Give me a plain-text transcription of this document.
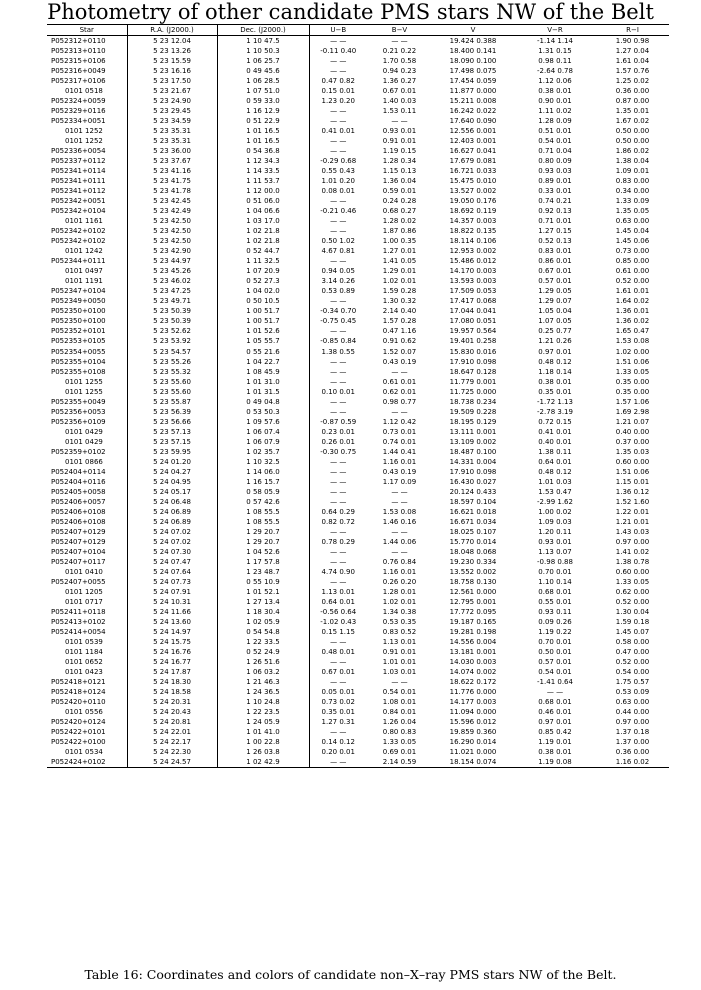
Photometry of other candidate PMS stars NW of the Belt
Star	R.A. (J2000.)	Dec. (J2000.)	U−B	B−V	V	V−R	R−I
P052312+0110	5 23 12.04	1 10 47.5	— —	— —	19.424 0.388	-1.14 1.14	1.90 0.98
P052313+0110	5 23 13.26	1 10 50.3	-0.11 0.40	0.21 0.22	18.400 0.141	1.31 0.15	1.27 0.04
P052315+0106	5 23 15.59	1 06 25.7	— —	1.70 0.58	18.090 0.100	0.98 0.11	1.61 0.04
P052316+0049	5 23 16.16	0 49 45.6	— —	0.94 0.23	17.498 0.075	-2.64 0.78	1.57 0.76
P052317+0106	5 23 17.50	1 06 28.5	0.47 0.82	1.36 0.27	17.454 0.059	1.12 0.06	1.25 0.02
0101 0518	5 23 21.67	1 07 51.0	0.15 0.01	0.67 0.01	11.877 0.000	0.38 0.01	0.36 0.00
P052324+0059	5 23 24.90	0 59 33.0	1.23 0.20	1.40 0.03	15.211 0.008	0.90 0.01	0.87 0.00
P052329+0116	5 23 29.45	1 16 12.9	— —	1.53 0.11	16.242 0.022	1.11 0.02	1.35 0.01
P052334+0051	5 23 34.59	0 51 22.9	— —	— —	17.640 0.090	1.28 0.09	1.67 0.02
0101 1252	5 23 35.31	1 01 16.5	0.41 0.01	0.93 0.01	12.556 0.001	0.51 0.01	0.50 0.00
0101 1252	5 23 35.31	1 01 16.5	— —	0.91 0.01	12.403 0.001	0.54 0.01	0.50 0.00
P052336+0054	5 23 36.00	0 54 36.8	— —	1.19 0.15	16.627 0.041	0.71 0.04	1.86 0.02
P052337+0112	5 23 37.67	1 12 34.3	-0.29 0.68	1.28 0.34	17.679 0.081	0.80 0.09	1.38 0.04
P052341+0114	5 23 41.16	1 14 33.5	0.55 0.43	1.15 0.13	16.721 0.033	0.93 0.03	1.09 0.01
P052341+0111	5 23 41.75	1 11 53.7	1.01 0.20	1.36 0.04	15.475 0.010	0.89 0.01	0.83 0.00
P052341+0112	5 23 41.78	1 12 00.0	0.08 0.01	0.59 0.01	13.527 0.002	0.33 0.01	0.34 0.00
P052342+0051	5 23 42.45	0 51 06.0	— —	0.24 0.28	19.050 0.176	0.74 0.21	1.33 0.09
P052342+0104	5 23 42.49	1 04 06.6	-0.21 0.46	0.68 0.27	18.692 0.119	0.92 0.13	1.35 0.05
0101 1161	5 23 42.50	1 03 17.0	— —	1.28 0.02	14.357 0.003	0.71 0.01	0.63 0.00
P052342+0102	5 23 42.50	1 02 21.8	— —	1.87 0.86	18.822 0.135	1.27 0.15	1.45 0.04
P052342+0102	5 23 42.50	1 02 21.8	0.50 1.02	1.00 0.35	18.114 0.106	0.52 0.13	1.45 0.06
0101 1242	5 23 42.90	0 52 44.7	4.67 0.81	1.27 0.01	12.953 0.002	0.83 0.01	0.73 0.00
P052344+0111	5 23 44.97	1 11 32.5	— —	1.41 0.05	15.486 0.012	0.86 0.01	0.85 0.00
0101 0497	5 23 45.26	1 07 20.9	0.94 0.05	1.29 0.01	14.170 0.003	0.67 0.01	0.61 0.00
0101 1191	5 23 46.02	0 52 27.3	3.14 0.26	1.02 0.01	13.593 0.003	0.57 0.01	0.52 0.00
P052347+0104	5 23 47.25	1 04 02.0	0.53 0.89	1.59 0.28	17.509 0.053	1.29 0.05	1.61 0.01
P052349+0050	5 23 49.71	0 50 10.5	— —	1.30 0.32	17.417 0.068	1.29 0.07	1.64 0.02
P052350+0100	5 23 50.39	1 00 51.7	-0.34 0.70	2.14 0.40	17.044 0.041	1.05 0.04	1.36 0.01
P052350+0100	5 23 50.39	1 00 51.7	-0.75 0.45	1.57 0.28	17.080 0.051	1.07 0.05	1.36 0.02
P052352+0101	5 23 52.62	1 01 52.6	— —	0.47 1.16	19.957 0.564	0.25 0.77	1.65 0.47
P052353+0105	5 23 53.92	1 05 55.7	-0.85 0.84	0.91 0.62	19.401 0.258	1.21 0.26	1.53 0.08
P052354+0055	5 23 54.57	0 55 21.6	1.38 0.55	1.52 0.07	15.830 0.016	0.97 0.01	1.02 0.00
P052355+0104	5 23 55.26	1 04 22.7	— —	0.43 0.19	17.910 0.098	0.48 0.12	1.51 0.06
P052355+0108	5 23 55.32	1 08 45.9	— —	— —	18.647 0.128	1.18 0.14	1.33 0.05
0101 1255	5 23 55.60	1 01 31.0	— —	0.61 0.01	11.779 0.001	0.38 0.01	0.35 0.00
0101 1255	5 23 55.60	1 01 31.5	0.10 0.01	0.62 0.01	11.725 0.000	0.35 0.01	0.35 0.00
P052355+0049	5 23 55.87	0 49 04.8	— —	0.98 0.77	18.738 0.234	-1.72 1.13	1.57 1.06
P052356+0053	5 23 56.39	0 53 50.3	— —	— —	19.509 0.228	-2.78 3.19	1.69 2.98
P052356+0109	5 23 56.66	1 09 57.6	-0.87 0.59	1.12 0.42	18.195 0.129	0.72 0.15	1.21 0.07
0101 0429	5 23 57.13	1 06 07.4	0.23 0.01	0.73 0.01	13.111 0.001	0.41 0.01	0.40 0.00
0101 0429	5 23 57.15	1 06 07.9	0.26 0.01	0.74 0.01	13.109 0.002	0.40 0.01	0.37 0.00
P052359+0102	5 23 59.95	1 02 35.7	-0.30 0.75	1.44 0.41	18.487 0.100	1.38 0.11	1.35 0.03
0101 0866	5 24 01.20	1 10 32.5	— —	1.16 0.01	14.331 0.004	0.64 0.01	0.60 0.00
P052404+0114	5 24 04.27	1 14 06.0	— —	0.43 0.19	17.910 0.098	0.48 0.12	1.51 0.06
P052404+0116	5 24 04.95	1 16 15.7	— —	1.17 0.09	16.430 0.027	1.01 0.03	1.15 0.01
P052405+0058	5 24 05.17	0 58 05.9	— —	— —	20.124 0.433	1.53 0.47	1.36 0.12
P052406+0057	5 24 06.48	0 57 42.6	— —	— —	18.597 0.104	-2.99 1.62	1.52 1.60
P052406+0108	5 24 06.89	1 08 55.5	0.64 0.29	1.53 0.08	16.621 0.018	1.00 0.02	1.22 0.01
P052406+0108	5 24 06.89	1 08 55.5	0.82 0.72	1.46 0.16	16.671 0.034	1.09 0.03	1.21 0.01
P052407+0129	5 24 07.02	1 29 20.7	— —	— —	18.025 0.107	1.20 0.11	1.43 0.03
P052407+0129	5 24 07.02	1 29 20.7	0.78 0.29	1.44 0.06	15.770 0.014	0.93 0.01	0.97 0.00
P052407+0104	5 24 07.30	1 04 52.6	— —	— —	18.048 0.068	1.13 0.07	1.41 0.02
P052407+0117	5 24 07.47	1 17 57.8	— —	0.76 0.84	19.230 0.334	-0.98 0.88	1.38 0.78
0101 0410	5 24 07.64	1 23 48.7	4.74 0.90	1.16 0.01	13.552 0.002	0.70 0.01	0.60 0.00
P052407+0055	5 24 07.73	0 55 10.9	— —	0.26 0.20	18.758 0.130	1.10 0.14	1.33 0.05
0101 1205	5 24 07.91	1 01 52.1	1.13 0.01	1.28 0.01	12.561 0.000	0.68 0.01	0.62 0.00
0101 0717	5 24 10.31	1 27 13.4	0.64 0.01	1.02 0.01	12.795 0.001	0.55 0.01	0.52 0.00
P052411+0118	5 24 11.66	1 18 30.4	-0.56 0.64	1.34 0.38	17.772 0.095	0.93 0.11	1.30 0.04
P052413+0102	5 24 13.60	1 02 05.9	-1.02 0.43	0.53 0.35	19.187 0.165	0.09 0.26	1.59 0.18
P052414+0054	5 24 14.97	0 54 54.8	0.15 1.15	0.83 0.52	19.281 0.198	1.19 0.22	1.45 0.07
0101 0539	5 24 15.75	1 22 33.5	— —	1.13 0.01	14.556 0.004	0.70 0.01	0.58 0.00
0101 1184	5 24 16.76	0 52 24.9	0.48 0.01	0.91 0.01	13.181 0.001	0.50 0.01	0.47 0.00
0101 0652	5 24 16.77	1 26 51.6	— —	1.01 0.01	14.030 0.003	0.57 0.01	0.52 0.00
0101 0423	5 24 17.87	1 06 03.2	0.67 0.01	1.03 0.01	14.074 0.002	0.54 0.01	0.54 0.00
P052418+0121	5 24 18.30	1 21 46.3	— —	— —	18.622 0.172	-1.41 0.64	1.75 0.57
P052418+0124	5 24 18.58	1 24 36.5	0.05 0.01	0.54 0.01	11.776 0.000	— —	0.53 0.09
P052420+0110	5 24 20.31	1 10 24.8	0.73 0.02	1.08 0.01	14.177 0.003	0.68 0.01	0.63 0.00
0101 0556	5 24 20.43	1 22 23.5	0.35 0.01	0.84 0.01	11.094 0.000	0.46 0.01	0.44 0.00
P052420+0124	5 24 20.81	1 24 05.9	1.27 0.31	1.26 0.04	15.596 0.012	0.97 0.01	0.97 0.00
P052422+0101	5 24 22.01	1 01 41.0	— —	0.80 0.83	19.859 0.360	0.85 0.42	1.37 0.18
P052422+0100	5 24 22.17	1 00 22.8	0.14 0.12	1.33 0.05	16.290 0.014	1.19 0.01	1.37 0.00
0101 0534	5 24 22.30	1 26 03.8	0.20 0.01	0.69 0.01	11.021 0.000	0.38 0.01	0.36 0.00
P052424+0102	5 24 24.57	1 02 42.9	— —	2.14 0.59	18.154 0.074	1.19 0.08	1.16 0.02
Table 16: Coordinates and colors of candidate non–X–ray PMS stars NW of the Belt.
